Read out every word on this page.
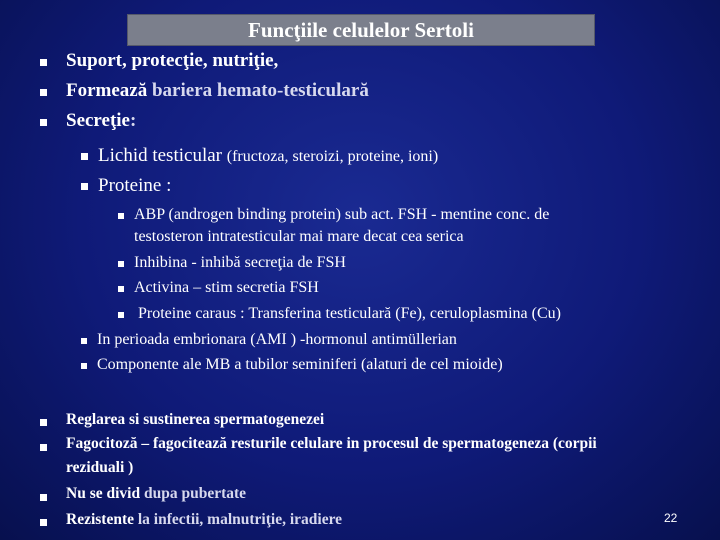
Funcţiile celulelor Sertoli
Suport, protecţie, nutriţie,
Formează bariera hemato-testiculară
Secreţie:
Lichid testicular (fructoza, steroizi, proteine, ioni)
Proteine :
ABP (androgen binding protein) sub act. FSH - mentine conc. de
testosteron intratesticular mai mare decat cea serica
Inhibina - inhibă secreţia de FSH
Activina – stim secretia FSH
Proteine caraus : Transferina testiculară (Fe), ceruloplasmina (Cu)
In perioada embrionara (AMI ) -hormonul antimüllerian
Componente ale MB a tubilor seminiferi (alaturi de cel mioide)
Reglarea si sustinerea spermatogenezei
Fagocitoză – fagocitează resturile celulare in procesul de spermatogeneza (corpii
reziduali )
Nu se divid dupa pubertate
Rezistente la infectii, malnutriţie, iradiere	22
